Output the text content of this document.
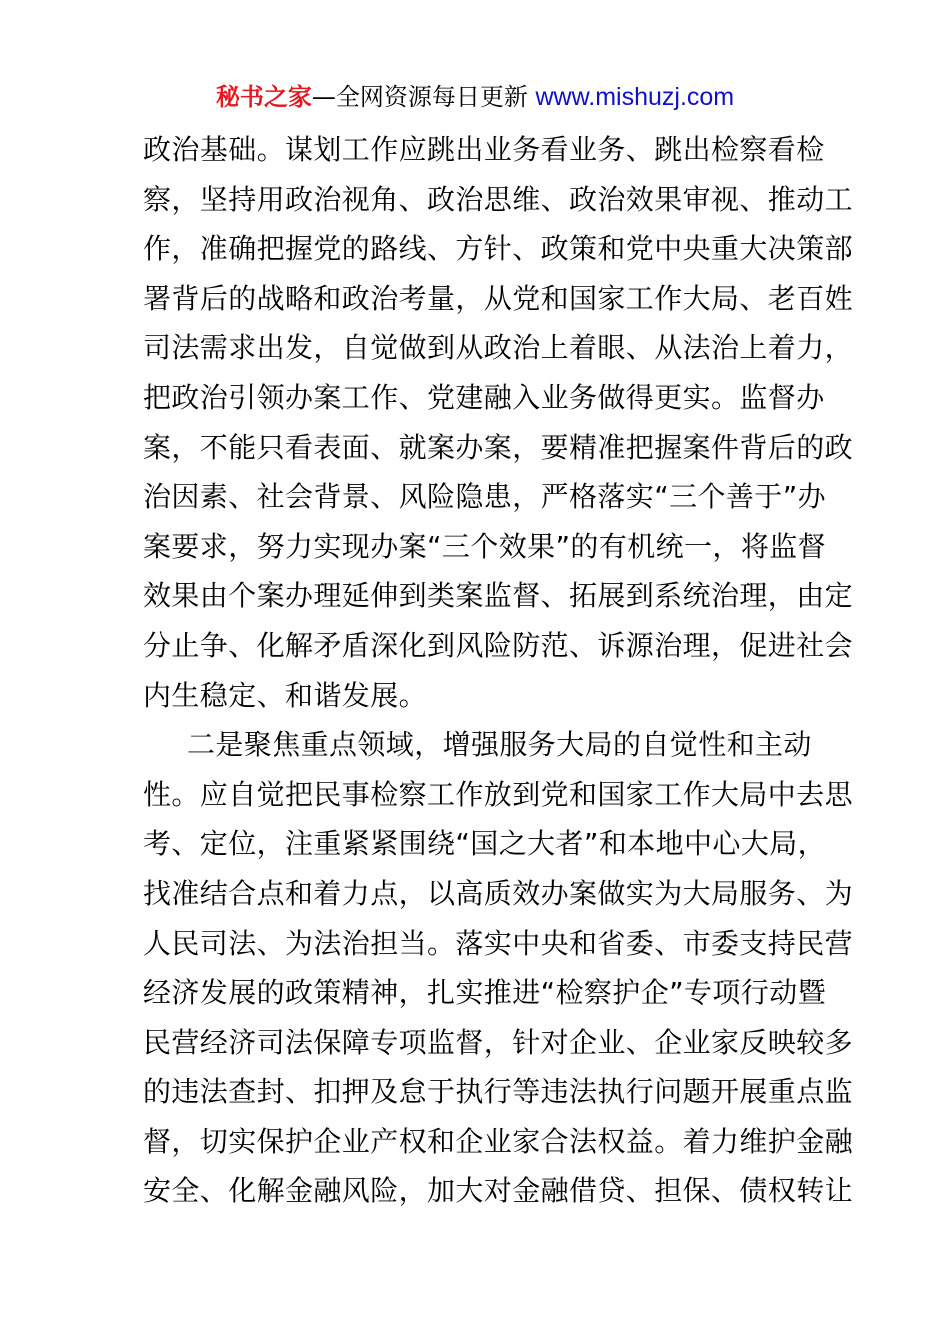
秘书之家—全网资源每日更新 www.mishuzj.com
政治基础。谋划工作应跳出业务看业务、跳出检察看检
察，坚持用政治视角、政治思维、政治效果审视、推动工
作，准确把握党的路线、方针、政策和党中央重大决策部
署背后的战略和政治考量，从党和国家工作大局、老百姓
司法需求出发，自觉做到从政治上着眼、从法治上着力，
把政治引领办案工作、党建融入业务做得更实。监督办
案，不能只看表面、就案办案，要精准把握案件背后的政
治因素、社会背景、风险隐患，严格落实“三个善于”办
案要求，努力实现办案“三个效果”的有机统一，将监督
效果由个案办理延伸到类案监督、拓展到系统治理，由定
分止争、化解矛盾深化到风险防范、诉源治理，促进社会
内生稳定、和谐发展。
二是聚焦重点领域，增强服务大局的自觉性和主动
性。应自觉把民事检察工作放到党和国家工作大局中去思
考、定位，注重紧紧围绕“国之大者”和本地中心大局，
找准结合点和着力点，以高质效办案做实为大局服务、为
人民司法、为法治担当。落实中央和省委、市委支持民营
经济发展的政策精神，扎实推进“检察护企”专项行动暨
民营经济司法保障专项监督，针对企业、企业家反映较多
的违法查封、扣押及怠于执行等违法执行问题开展重点监
督，切实保护企业产权和企业家合法权益。着力维护金融
安全、化解金融风险，加大对金融借贷、担保、债权转让
